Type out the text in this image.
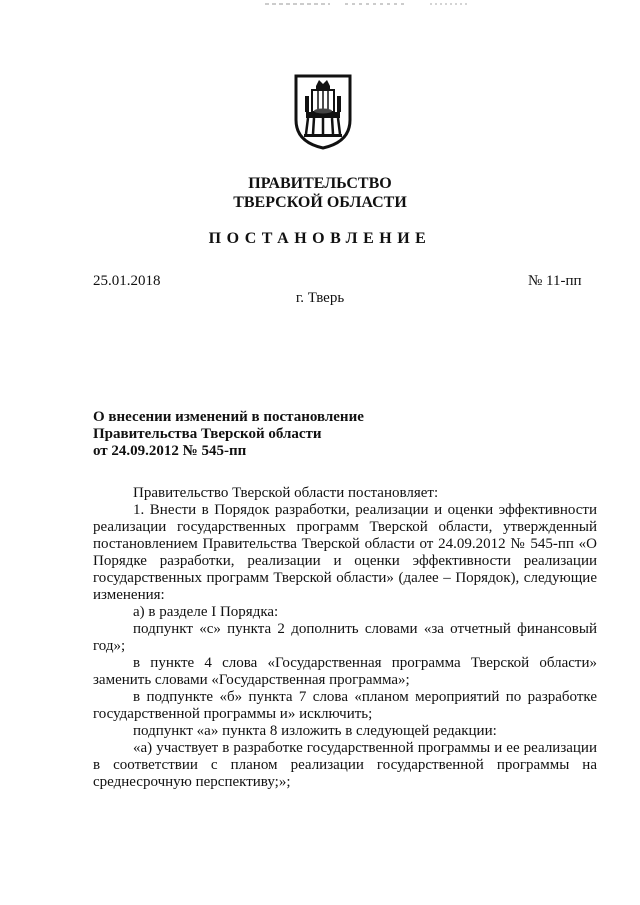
ПРАВИТЕЛЬСТВО
ТВЕРСКОЙ ОБЛАСТИ
ПОСТАНОВЛЕНИЕ
25.01.2018	№ 11-пп
г. Тверь
О внесении изменений в постановление
Правительства Тверской области
от 24.09.2012 № 545-пп

Правительство Тверской области постановляет:

1. Внести в Порядок разработки, реализации и оценки эффективности реализации государственных программ Тверской области, утвержденный постановлением Правительства Тверской области от 24.09.2012 № 545-пп «О Порядке разработки, реализации и оценки эффективности реализации государственных программ Тверской области» (далее – Порядок), следующие изменения:

а) в разделе I Порядка:

подпункт «с» пункта 2 дополнить словами «за отчетный финансовый год»;

в пункте 4 слова «Государственная программа Тверской области» заменить словами «Государственная программа»;

в подпункте «б» пункта 7 слова «планом мероприятий по разработке государственной программы и» исключить;

подпункт «а» пункта 8 изложить в следующей редакции:

«а) участвует в разработке государственной программы и ее реализации в соответствии с планом реализации государственной программы на среднесрочную перспективу;»;
